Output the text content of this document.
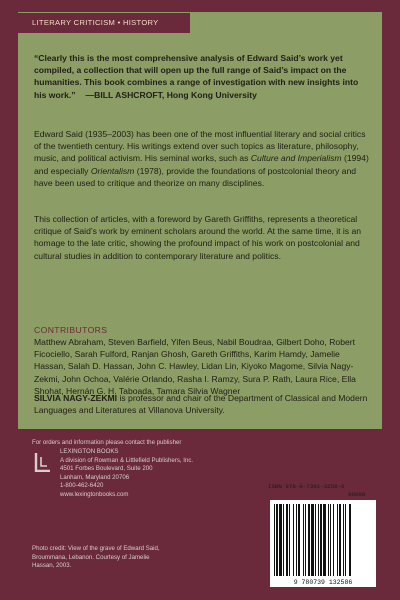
LITERARY CRITICISM • HISTORY

“Clearly this is the most comprehensive analysis of Edward Said’s work yet compiled, a collection that will open up the full range of Said’s impact on the humanities. This book combines a range of investigation with new insights into his work.” —BILL ASHCROFT, Hong Kong University

Edward Said (1935–2003) has been one of the most influential literary and social critics of the twentieth century. His writings extend over such topics as literature, philosophy, music, and political activism. His seminal works, such as Culture and Imperialism (1994) and especially Orientalism (1978), provide the foundations of postcolonial theory and have been used to critique and theorize on many disciplines.

This collection of articles, with a foreword by Gareth Griffiths, represents a theoretical critique of Said’s work by eminent scholars around the world. At the same time, it is an homage to the late critic, showing the profound impact of his work on postcolonial and cultural studies in addition to contemporary literature and politics.

CONTRIBUTORS

Matthew Abraham, Steven Barfield, Yifen Beus, Nabil Boudraa, Gilbert Doho, Robert Ficociello, Sarah Fulford, Ranjan Ghosh, Gareth Griffiths, Karim Hamdy, Jamelie Hassan, Salah D. Hassan, John C. Hawley, Lidan Lin, Kiyoko Magome, Silvia Nagy-Zekmi, John Ochoa, Valérie Orlando, Rasha I. Ramzy, Sura P. Rath, Laura Rice, Ella Shohat, Hernán G. H. Taboada, Tamara Silvia Wagner

SILVIA NAGY-ZEKMI is professor and chair of the Department of Classical and Modern Languages and Literatures at Villanova University.

For orders and information please contact the publisher

LEXINGTON BOOKS
A division of Rowman & Littlefield Publishers, Inc.
4501 Forbes Boulevard, Suite 200
Lanham, Maryland 20706
1-800-462-6420
www.lexingtonbooks.com

Photo credit: View of the grave of Edward Said, Broummana, Lebanon. Courtesy of Jamelie Hassan, 2003.

ISBN 978-0-7391-3258-6
90000
9 780739 132586
